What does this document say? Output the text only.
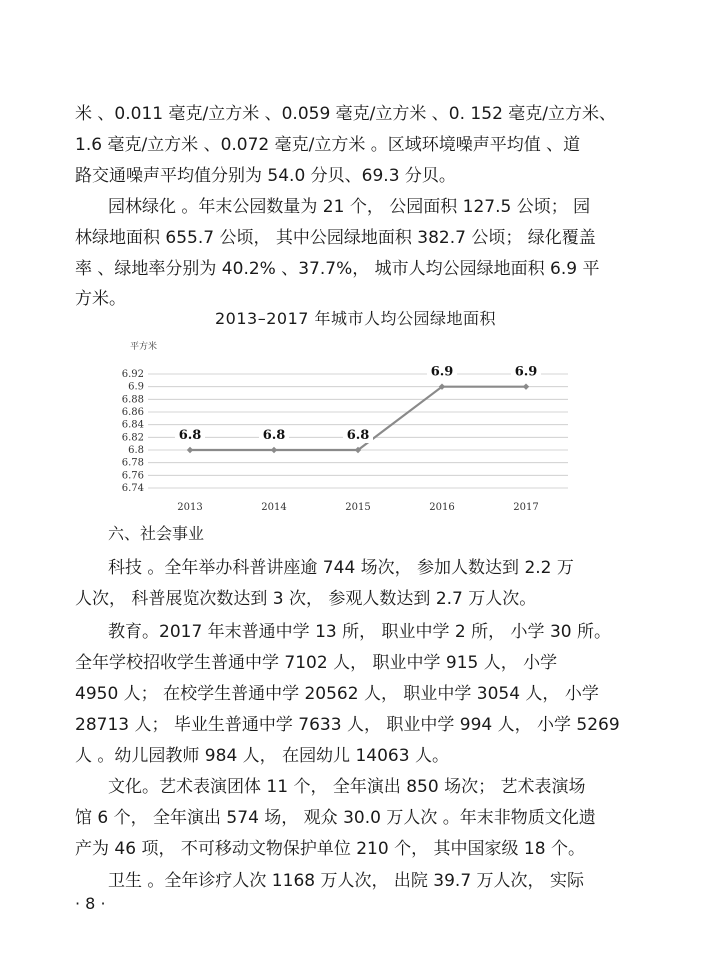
米 、0.011 毫克/立方米 、0.059 毫克/立方米 、0. 152 毫克/立方米、
1.6 毫克/立方米 、0.072 毫克/立方米 。区域环境噪声平均值 、道
路交通噪声平均值分别为 54.0 分贝、69.3 分贝。
园林绿化 。年末公园数量为 21 个， 公园面积 127.5 公顷； 园
林绿地面积 655.7 公顷， 其中公园绿地面积 382.7 公顷； 绿化覆盖
率 、绿地率分别为 40.2% 、37.7%， 城市人均公园绿地面积 6.9 平
方米。
2013–2017 年城市人均公园绿地面积
平方米
6.92
6.9
6.88
6.86
6.84
6.82
6.8
6.78
6.76
6.74
2013	2014	2015	2016	2017
6.8	6.8	6.8
6.9	6.9
六、社会事业
科技 。全年举办科普讲座逾 744 场次， 参加人数达到 2.2 万
人次， 科普展览次数达到 3 次， 参观人数达到 2.7 万人次。
教育。2017 年末普通中学 13 所， 职业中学 2 所， 小学 30 所。
全年学校招收学生普通中学 7102 人， 职业中学 915 人， 小学
4950 人； 在校学生普通中学 20562 人， 职业中学 3054 人， 小学
28713 人； 毕业生普通中学 7633 人， 职业中学 994 人， 小学 5269
人 。幼儿园教师 984 人， 在园幼儿 14063 人。
文化。艺术表演团体 11 个， 全年演出 850 场次； 艺术表演场
馆 6 个， 全年演出 574 场， 观众 30.0 万人次 。年末非物质文化遗
产为 46 项， 不可移动文物保护单位 210 个， 其中国家级 18 个。
卫生 。全年诊疗人次 1168 万人次， 出院 39.7 万人次， 实际
· 8 ·
